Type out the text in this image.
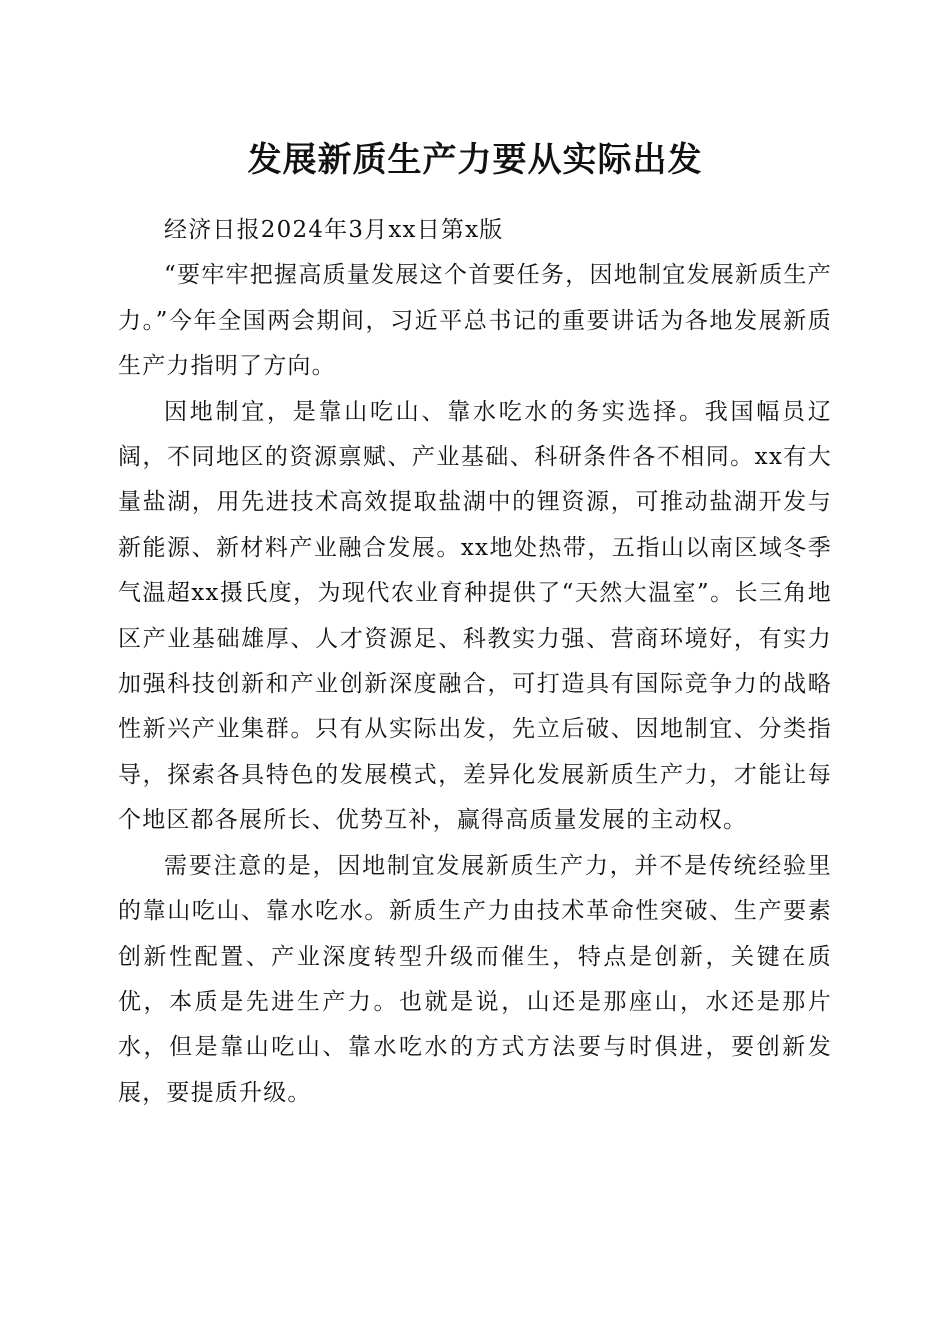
发展新质生产力要从实际出发

经济日报2024年3月xx日第x版

“要牢牢把握高质量发展这个首要任务，因地制宜发展新质生产力。”今年全国两会期间，习近平总书记的重要讲话为各地发展新质生产力指明了方向。

因地制宜，是靠山吃山、靠水吃水的务实选择。我国幅员辽阔，不同地区的资源禀赋、产业基础、科研条件各不相同。xx有大量盐湖，用先进技术高效提取盐湖中的锂资源，可推动盐湖开发与新能源、新材料产业融合发展。xx地处热带，五指山以南区域冬季气温超xx摄氏度，为现代农业育种提供了“天然大温室”。长三角地区产业基础雄厚、人才资源足、科教实力强、营商环境好，有实力加强科技创新和产业创新深度融合，可打造具有国际竞争力的战略性新兴产业集群。只有从实际出发，先立后破、因地制宜、分类指导，探索各具特色的发展模式，差异化发展新质生产力，才能让每个地区都各展所长、优势互补，赢得高质量发展的主动权。

需要注意的是，因地制宜发展新质生产力，并不是传统经验里的靠山吃山、靠水吃水。新质生产力由技术革命性突破、生产要素创新性配置、产业深度转型升级而催生，特点是创新，关键在质优，本质是先进生产力。也就是说，山还是那座山，水还是那片水，但是靠山吃山、靠水吃水的方式方法要与时俱进，要创新发展，要提质升级。
